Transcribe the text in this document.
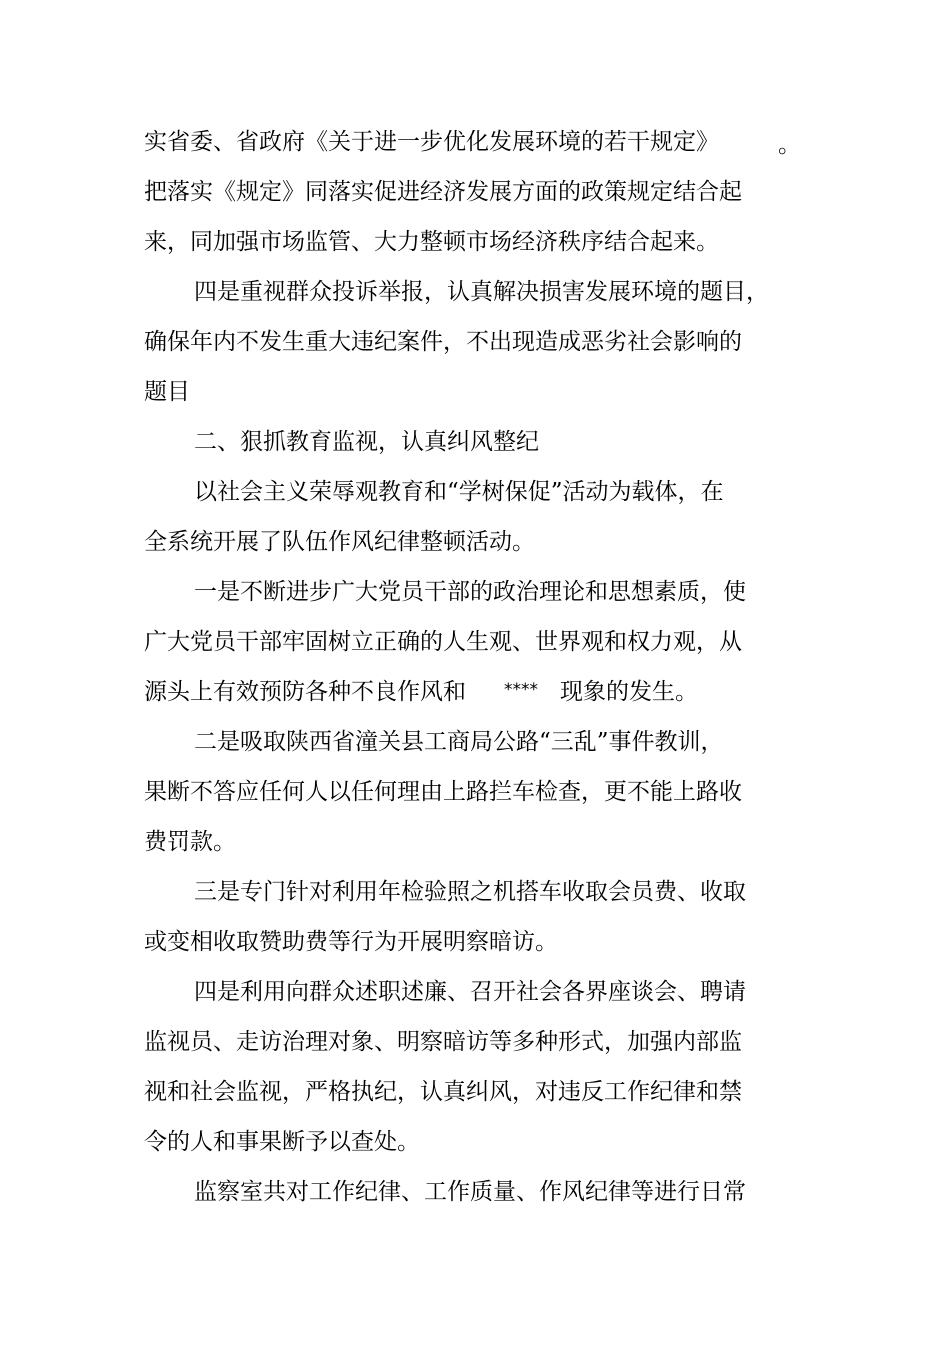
实省委、省政府《关于进一步优化发展环境的若干规定》	。
把落实《规定》同落实促进经济发展方面的政策规定结合起
来，同加强市场监管、大力整顿市场经济秩序结合起来。
四是重视群众投诉举报，认真解决损害发展环境的题目，
确保年内不发生重大违纪案件，不出现造成恶劣社会影响的
题目
二、狠抓教育监视，认真纠风整纪
以社会主义荣辱观教育和“学树保促”活动为载体，在
全系统开展了队伍作风纪律整顿活动。
一是不断进步广大党员干部的政治理论和思想素质，使
广大党员干部牢固树立正确的人生观、世界观和权力观，从
源头上有效预防各种不良作风和 **** 现象的发生。
二是吸取陕西省潼关县工商局公路“三乱”事件教训，
果断不答应任何人以任何理由上路拦车检查，更不能上路收
费罚款。
三是专门针对利用年检验照之机搭车收取会员费、收取
或变相收取赞助费等行为开展明察暗访。
四是利用向群众述职述廉、召开社会各界座谈会、聘请
监视员、走访治理对象、明察暗访等多种形式，加强内部监
视和社会监视，严格执纪，认真纠风，对违反工作纪律和禁
令的人和事果断予以查处。
监察室共对工作纪律、工作质量、作风纪律等进行日常
